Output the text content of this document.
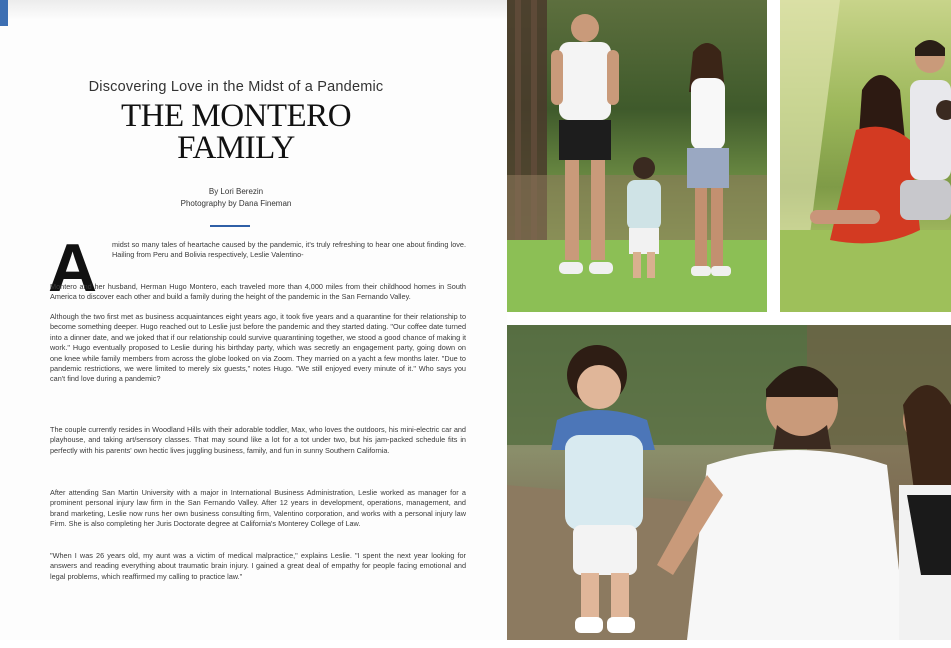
Discovering Love in the Midst of a Pandemic
THE MONTERO
FAMILY
By Lori Berezin
Photography by Dana Fineman
A midst so many tales of heartache caused by the pandemic, it's truly refreshing to hear one about finding love. Hailing from Peru and Bolivia respectively, Leslie Valentino-

Montero and her husband, Herman Hugo Montero, each traveled more than 4,000 miles from their childhood homes in South America to discover each other and build a family during the height of the pandemic in the San Fernando Valley.

Although the two first met as business acquaintances eight years ago, it took five years and a quarantine for their relationship to become something deeper. Hugo reached out to Leslie just before the pandemic and they started dating. "Our coffee date turned into a dinner date, and we joked that if our relationship could survive quarantining together, we stood a good chance of making it work." Hugo eventually proposed to Leslie during his birthday party, which was secretly an engagement party, going down on one knee while family members from across the globe looked on via Zoom. They married on a yacht a few months later. "Due to pandemic restrictions, we were limited to merely six guests," notes Hugo. "We still enjoyed every minute of it." Who says you can't find love during a pandemic?

The couple currently resides in Woodland Hills with their adorable toddler, Max, who loves the outdoors, his mini-electric car and playhouse, and taking art/sensory classes. That may sound like a lot for a tot under two, but his jam-packed schedule fits in perfectly with his parents' own hectic lives juggling business, family, and fun in sunny Southern California.

After attending San Martin University with a major in International Business Administration, Leslie worked as manager for a prominent personal injury law firm in the San Fernando Valley. After 12 years in development, operations, management, and brand marketing, Leslie now runs her own business consulting firm, Valentino corporation, and works with a personal injury law Firm. She is also completing her Juris Doctorate degree at California's Monterey College of Law.

"When I was 26 years old, my aunt was a victim of medical malpractice," explains Leslie. "I spent the next year looking for answers and reading everything about traumatic brain injury. I gained a great deal of empathy for people facing emotional and legal problems, which reaffirmed my calling to practice law."
